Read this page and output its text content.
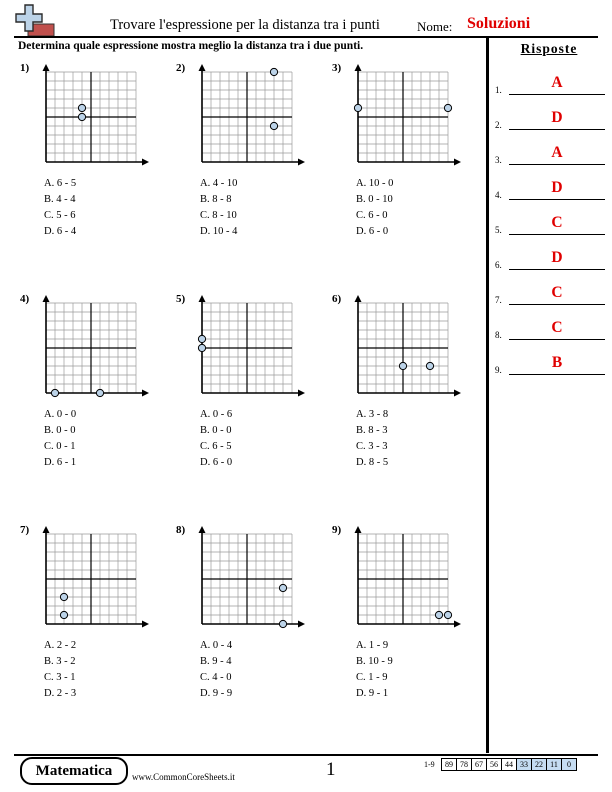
Trovare l'espressione per la distanza tra i punti	Nome: Soluzioni
Determina quale espressione mostra meglio la distanza tra i due punti.	Risposte
1.	A
2.	D
3.	A
4.	D
5.	C
6.	D
7.	C
8.	C
9.	B
1)
A. 6 - 5
B. 4 - 4
C. 5 - 6
D. 6 - 4
2)
A. 4 - 10
B. 8 - 8
C. 8 - 10
D. 10 - 4
3)
A. 10 - 0
B. 0 - 10
C. 6 - 0
D. 6 - 0
4)
A. 0 - 0
B. 0 - 0
C. 0 - 1
D. 6 - 1
5)
A. 0 - 6
B. 0 - 0
C. 6 - 5
D. 6 - 0
6)
A. 3 - 8
B. 8 - 3
C. 3 - 3
D. 8 - 5
7)
A. 2 - 2
B. 3 - 2
C. 3 - 1
D. 2 - 3
8)
A. 0 - 4
B. 9 - 4
C. 4 - 0
D. 9 - 9
9)
A. 1 - 9
B. 10 - 9
C. 1 - 9
D. 9 - 1
Matematica	www.CommonCoreSheets.it	1	1-9 89	78	67	56	44	33	22	11	0
